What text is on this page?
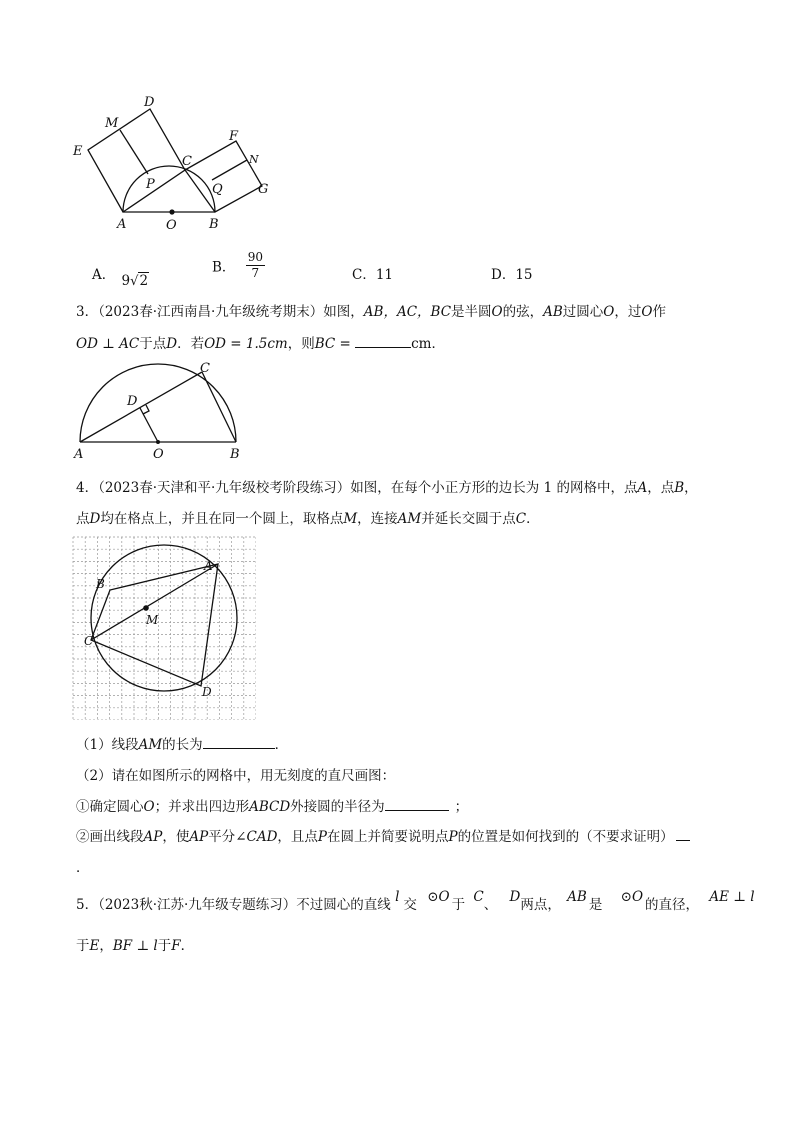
D
M
E
C
F
N
P	Q	G
A	O B
A． 9√2
B． $\frac{90}{7}$	C．11	D．15
3．（2023春·江西南昌·九年级统考期末）如图，AB，AC，BC是半圆O的弦，AB过圆心O，过O作
OD ⊥ AC于点D．若OD = 1.5cm，则BC =	cm．
C
D
A	O	B
4．（2023春·天津和平·九年级校考阶段练习）如图，在每个小正方形的边长为 1 的网格中，点A，点B，
点D均在格点上，并且在同一个圆上，取格点M，连接AM并延长交圆于点C．
A
B
M
C
D
（1）线段AM的长为	．
（2）请在如图所示的网格中，用无刻度的直尺画图：
①确定圆心O；并求出四边形ABCD外接圆的半径为	；
②画出线段AP，使AP平分∠CAD，且点P在圆上并简要说明点P的位置是如何找到的（不要求证明）
．
5．（2023秋·江苏·九年级专题练习）不过圆心的直线 l 交 ⊙O 于 C、 D两点， AB 是 ⊙O 的直径， AE ⊥ l
于E，BF ⊥ l于F．
